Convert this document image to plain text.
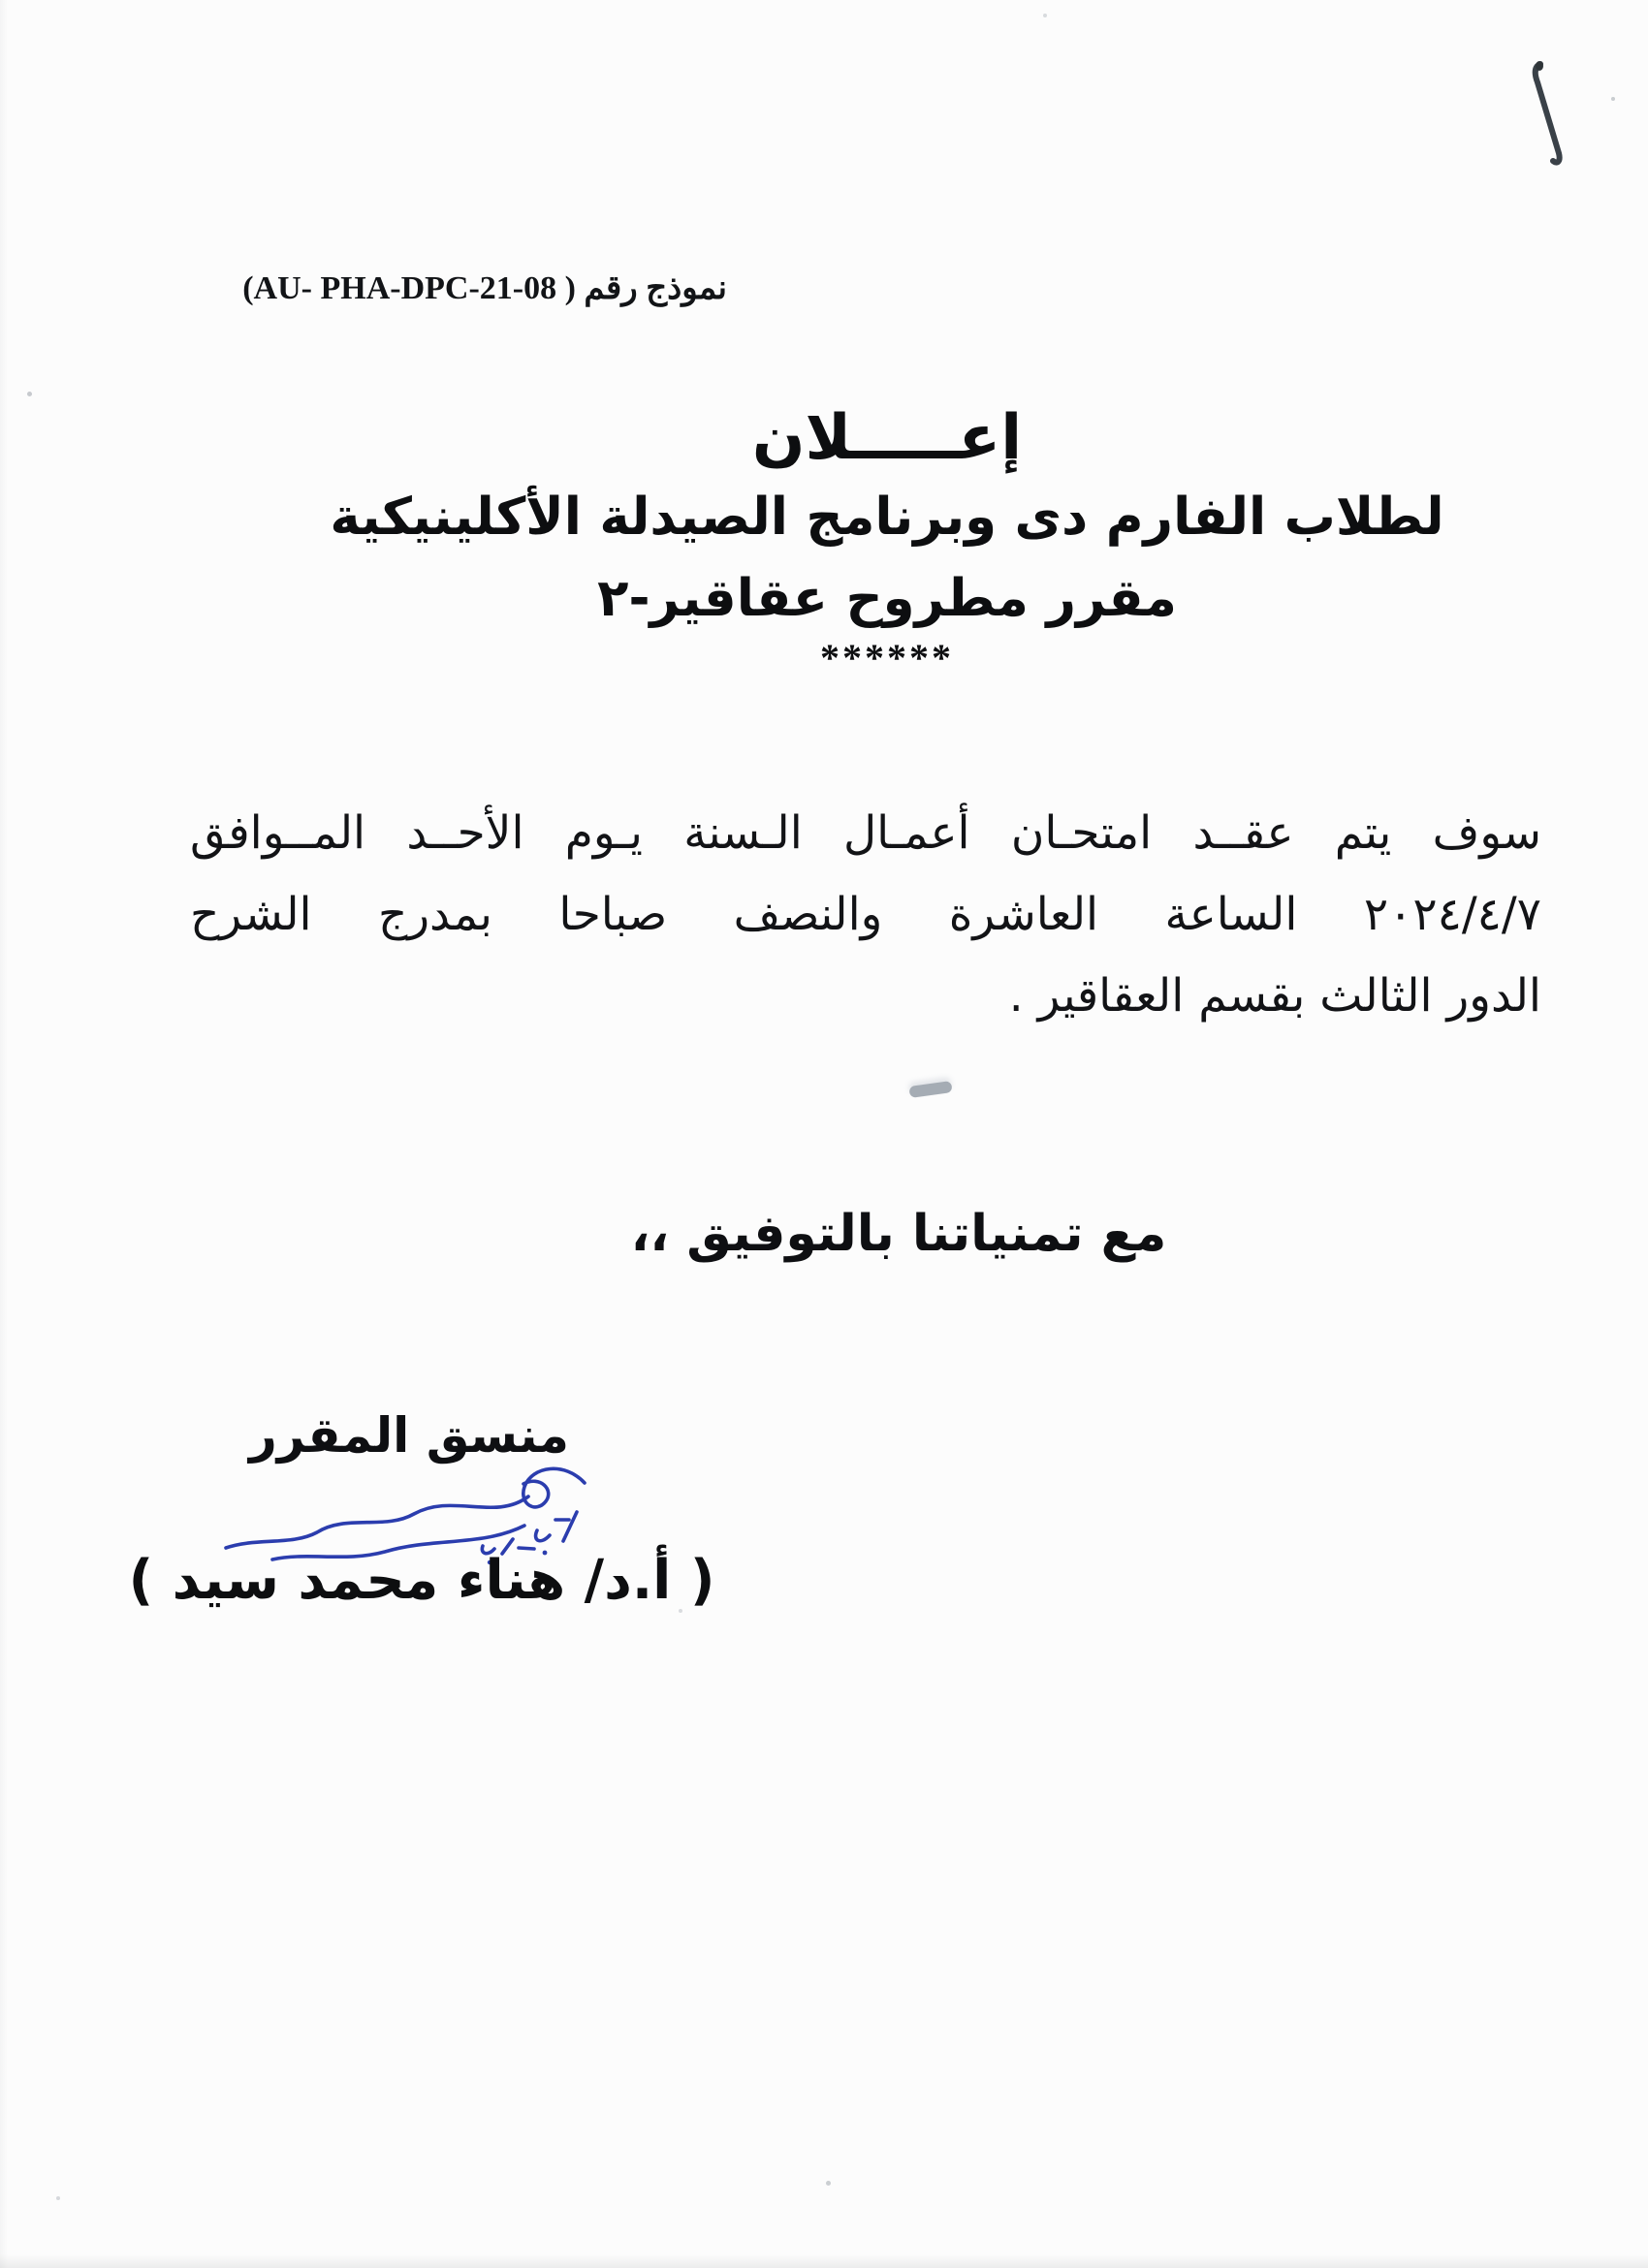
نموذج رقم ( AU- PHA-DPC-21-08)
إعـــــلان
لطلاب الفارم دى وبرنامج الصيدلة الأكلينيكية
مقرر مطروح عقاقير-٢
******
سوف يتم عقــد امتحـان أعمـال الـسنة يـوم الأحــد المــوافق
٢٠٢٤/٤/٧ الساعة العاشرة والنصف صباحا بمدرج الشرح
الدور الثالث بقسم العقاقير .
مع تمنياتنا بالتوفيق ،،
منسق المقرر
( أ.د/ هناء محمد سيد )
